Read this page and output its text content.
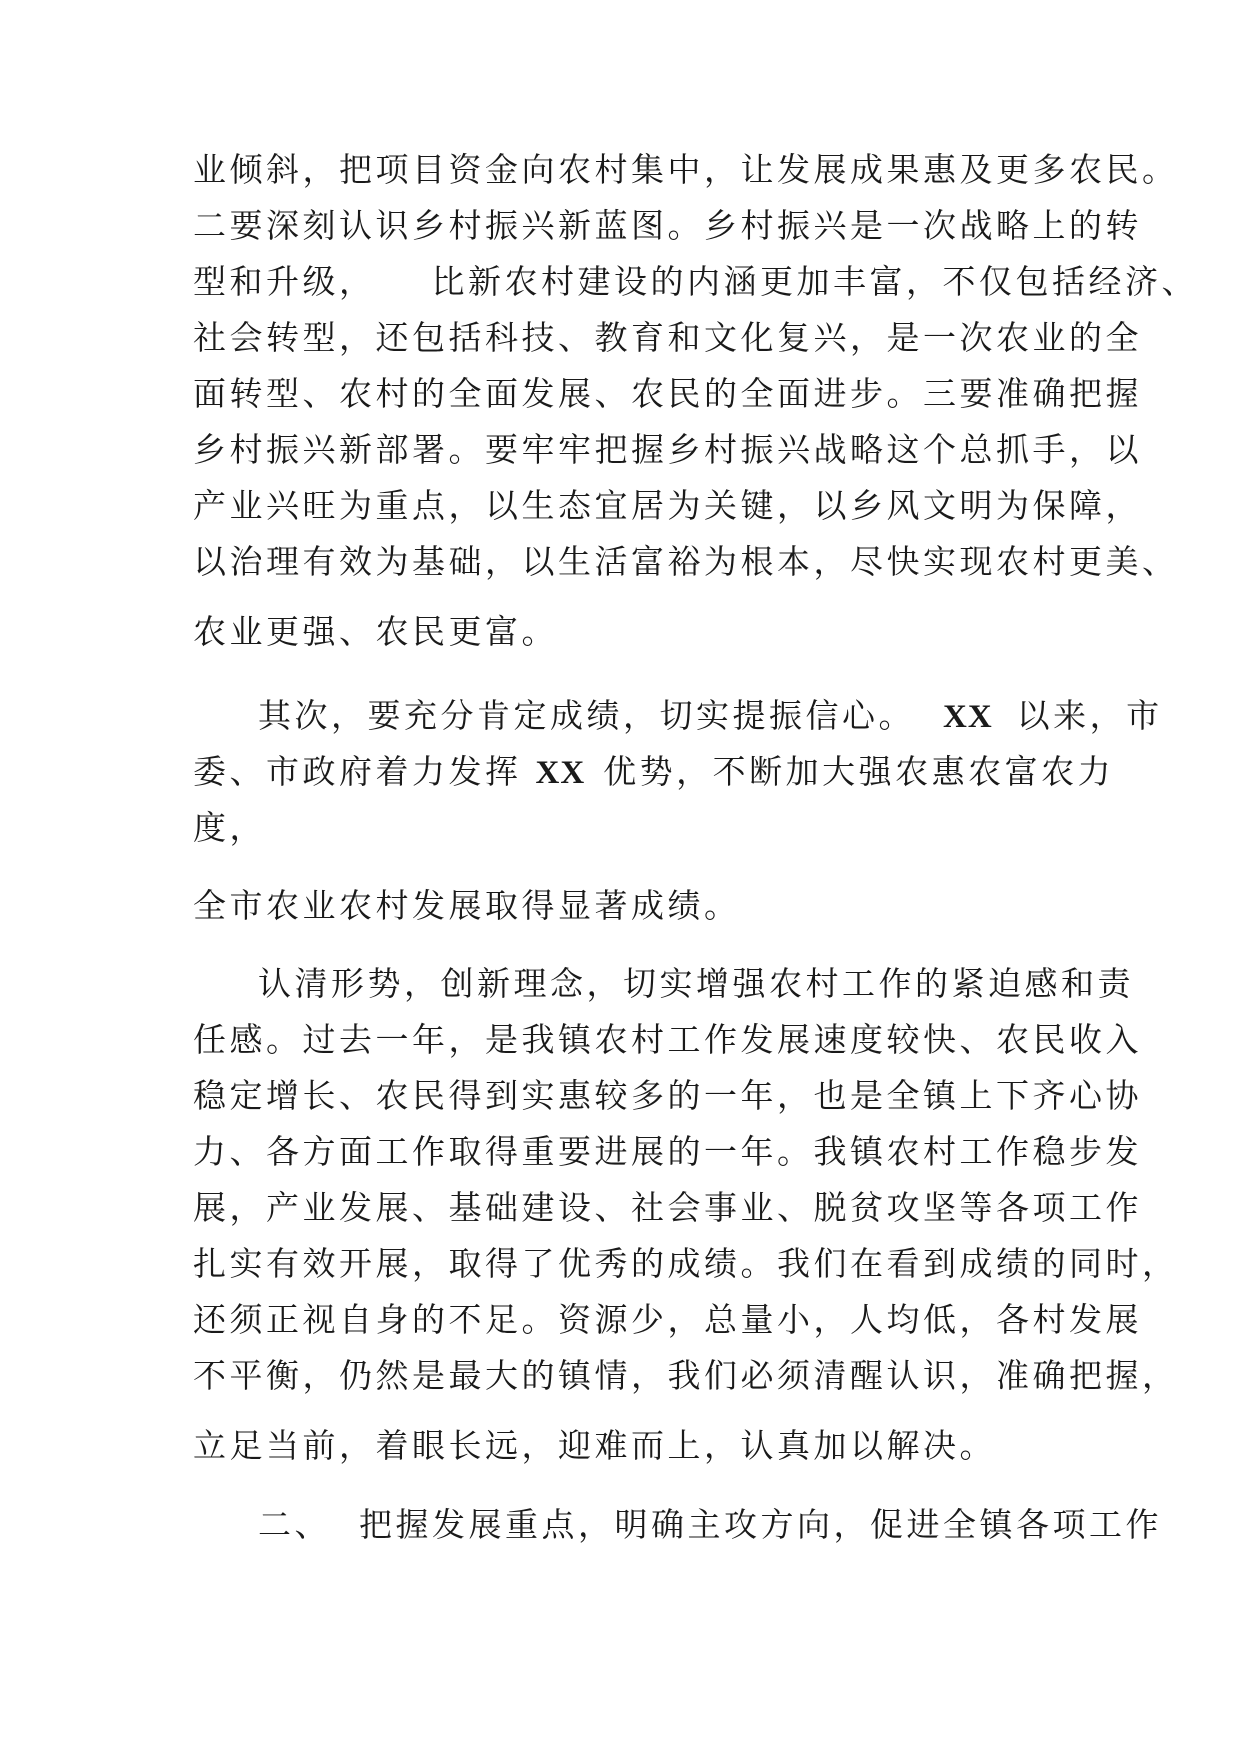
业倾斜，把项目资金向农村集中，让发展成果惠及更多农民。
二要深刻认识乡村振兴新蓝图。乡村振兴是一次战略上的转
型和升级，    比新农村建设的内涵更加丰富，不仅包括经济、
社会转型，还包括科技、教育和文化复兴，是一次农业的全
面转型、农村的全面发展、农民的全面进步。三要准确把握
乡村振兴新部署。要牢牢把握乡村振兴战略这个总抓手，以
产业兴旺为重点，以生态宜居为关键，以乡风文明为保障，
以治理有效为基础，以生活富裕为根本，尽快实现农村更美、
农业更强、农民更富。
其次，要充分肯定成绩，切实提振信心。 XX 以来，市
委、市政府着力发挥 XX 优势，不断加大强农惠农富农力
度，
全市农业农村发展取得显著成绩。
认清形势，创新理念，切实增强农村工作的紧迫感和责
任感。过去一年，是我镇农村工作发展速度较快、农民收入
稳定增长、农民得到实惠较多的一年，也是全镇上下齐心协
力、各方面工作取得重要进展的一年。我镇农村工作稳步发
展，产业发展、基础建设、社会事业、脱贫攻坚等各项工作
扎实有效开展，取得了优秀的成绩。我们在看到成绩的同时，
还须正视自身的不足。资源少，总量小，人均低，各村发展
不平衡，仍然是最大的镇情，我们必须清醒认识，准确把握，
立足当前，着眼长远，迎难而上，认真加以解决。
二、  把握发展重点，明确主攻方向，促进全镇各项工作
